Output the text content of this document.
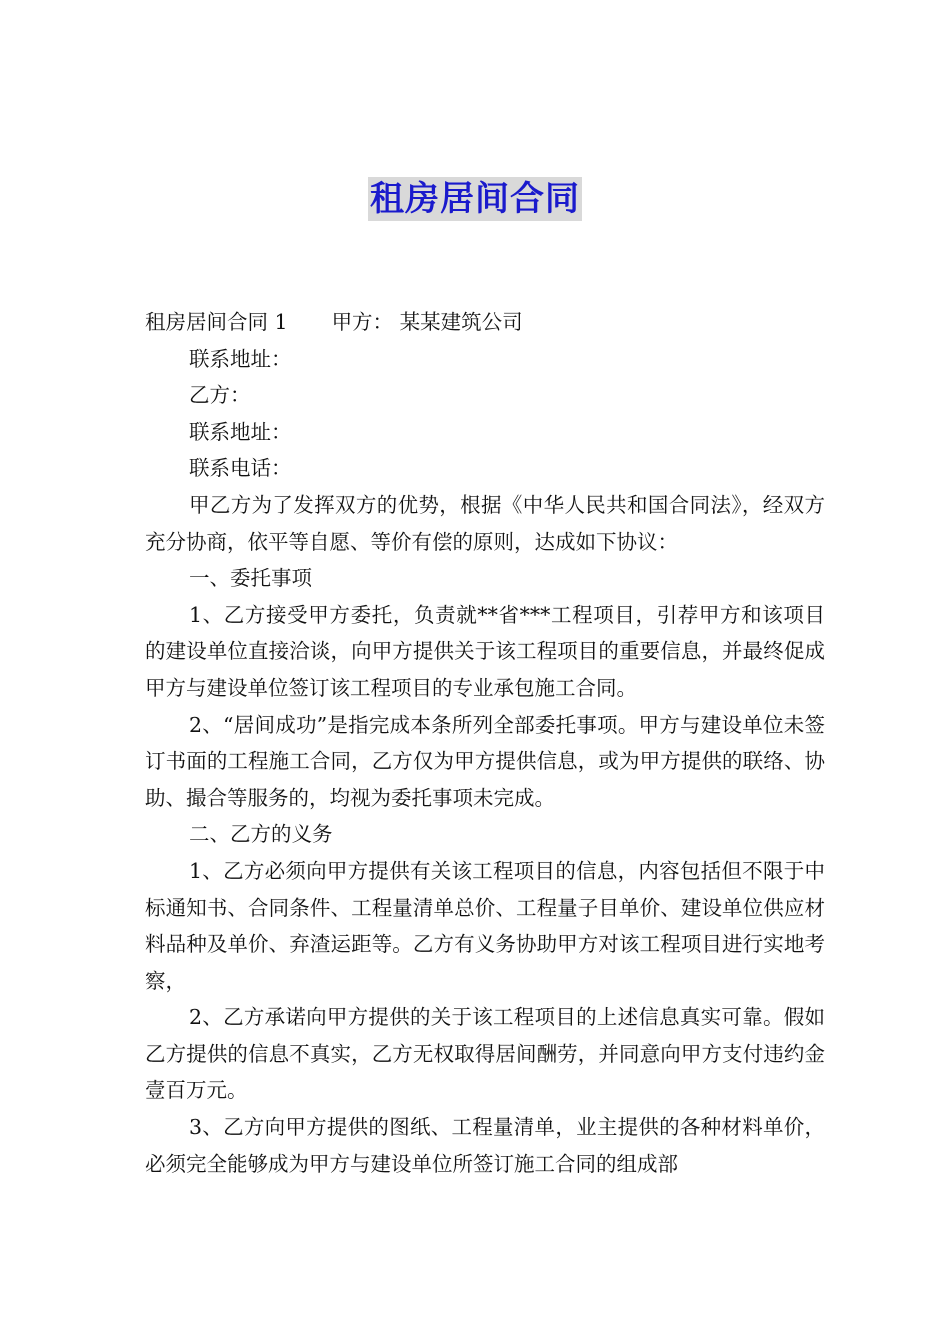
租房居间合同

租房居间合同 1 甲方： 某某建筑公司

联系地址：

乙方：

联系地址：

联系电话：

甲乙方为了发挥双方的优势，根据《中华人民共和国合同法》，经双方充分协商，依平等自愿、等价有偿的原则，达成如下协议：

一、委托事项

1、乙方接受甲方委托，负责就**省***工程项目，引荐甲方和该项目的建设单位直接洽谈，向甲方提供关于该工程项目的重要信息，并最终促成甲方与建设单位签订该工程项目的专业承包施工合同。

2、“居间成功”是指完成本条所列全部委托事项。甲方与建设单位未签订书面的工程施工合同，乙方仅为甲方提供信息，或为甲方提供的联络、协助、撮合等服务的，均视为委托事项未完成。

二、乙方的义务

1、乙方必须向甲方提供有关该工程项目的信息，内容包括但不限于中标通知书、合同条件、工程量清单总价、工程量子目单价、建设单位供应材料品种及单价、弃渣运距等。乙方有义务协助甲方对该工程项目进行实地考察，

2、乙方承诺向甲方提供的关于该工程项目的上述信息真实可靠。假如乙方提供的信息不真实，乙方无权取得居间酬劳，并同意向甲方支付违约金壹百万元。

3、乙方向甲方提供的图纸、工程量清单，业主提供的各种材料单价，必须完全能够成为甲方与建设单位所签订施工合同的组成部
